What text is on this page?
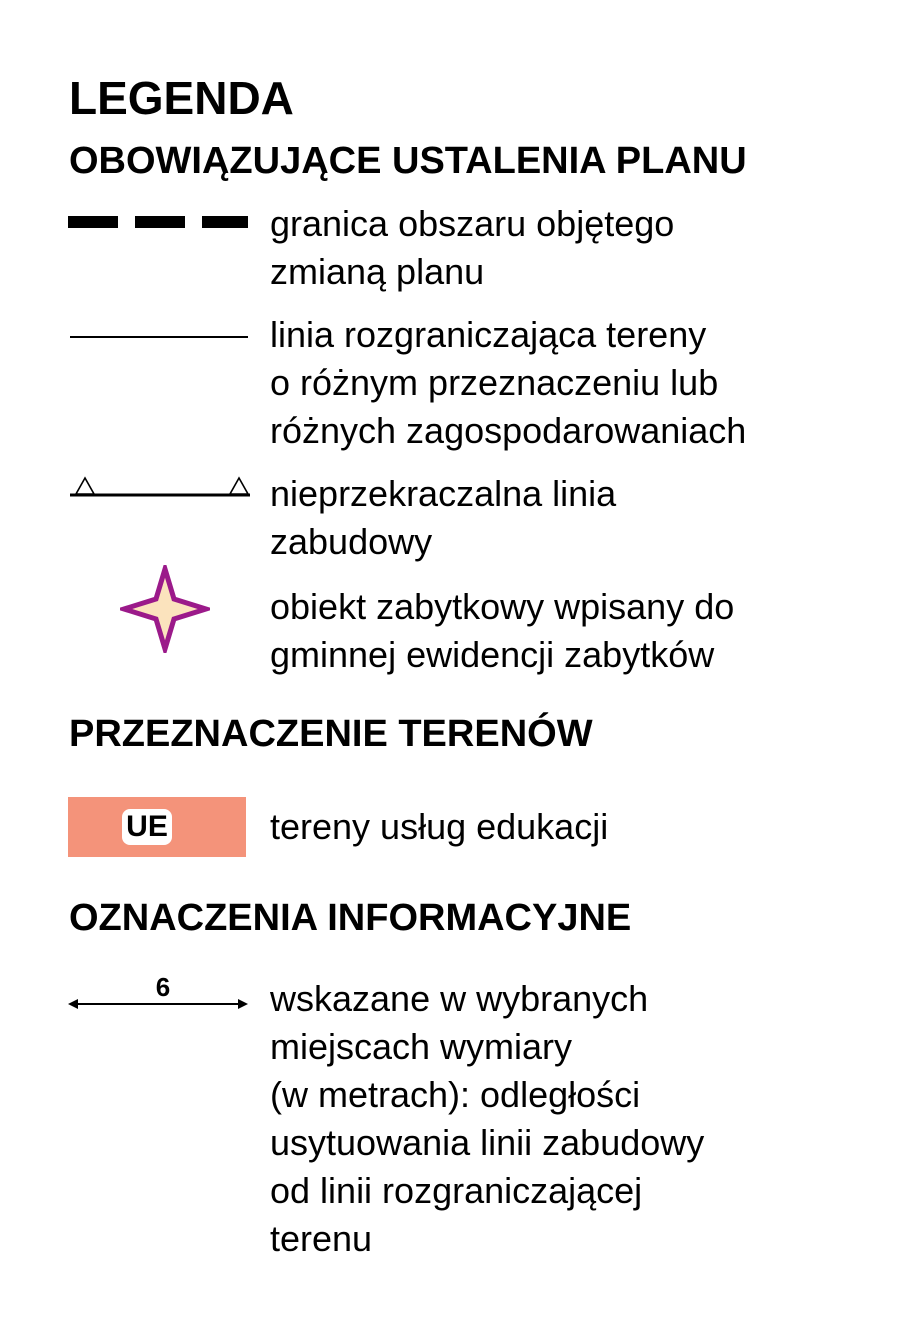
LEGENDA
OBOWIĄZUJĄCE USTALENIA PLANU
granica obszaru objętego
zmianą planu
linia rozgraniczająca tereny
o różnym przeznaczeniu lub
różnych zagospodarowaniach
nieprzekraczalna linia
zabudowy
obiekt zabytkowy wpisany do
gminnej ewidencji zabytków
PRZEZNACZENIE TERENÓW
UE	tereny usług edukacji
OZNACZENIA INFORMACYJNE
6	wskazane w wybranych
miejscach wymiary
(w metrach): odległości
usytuowania linii zabudowy
od linii rozgraniczającej
terenu
